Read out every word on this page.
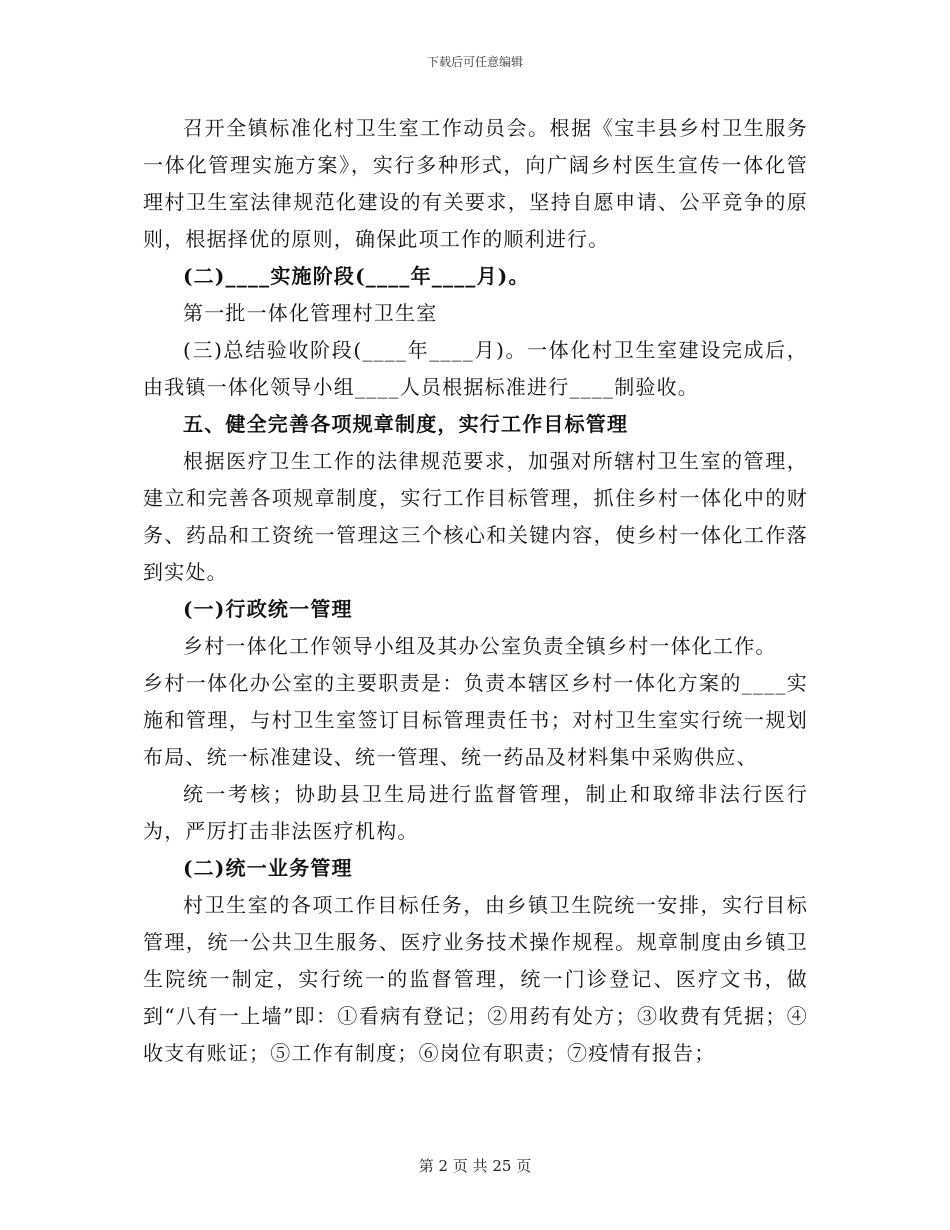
下载后可任意编辑

召开全镇标准化村卫生室工作动员会。根据《宝丰县乡村卫生服务一体化管理实施方案》，实行多种形式，向广阔乡村医生宣传一体化管理村卫生室法律规范化建设的有关要求，坚持自愿申请、公平竞争的原则，根据择优的原则，确保此项工作的顺利进行。

(二)____实施阶段(____年____月)。

第一批一体化管理村卫生室

(三)总结验收阶段(____年____月)。一体化村卫生室建设完成后，由我镇一体化领导小组____人员根据标准进行____制验收。

五、健全完善各项规章制度，实行工作目标管理

根据医疗卫生工作的法律规范要求，加强对所辖村卫生室的管理，建立和完善各项规章制度，实行工作目标管理，抓住乡村一体化中的财务、药品和工资统一管理这三个核心和关键内容，使乡村一体化工作落到实处。

(一)行政统一管理

乡村一体化工作领导小组及其办公室负责全镇乡村一体化工作。

乡村一体化办公室的主要职责是：负责本辖区乡村一体化方案的____实施和管理，与村卫生室签订目标管理责任书；对村卫生室实行统一规划布局、统一标准建设、统一管理、统一药品及材料集中采购供应、

统一考核；协助县卫生局进行监督管理，制止和取缔非法行医行为，严厉打击非法医疗机构。

(二)统一业务管理

村卫生室的各项工作目标任务，由乡镇卫生院统一安排，实行目标管理，统一公共卫生服务、医疗业务技术操作规程。规章制度由乡镇卫生院统一制定，实行统一的监督管理，统一门诊登记、医疗文书，做到“八有一上墙”即：①看病有登记；②用药有处方；③收费有凭据；④收支有账证；⑤工作有制度；⑥岗位有职责；⑦疫情有报告；

第 2 页 共 25 页
